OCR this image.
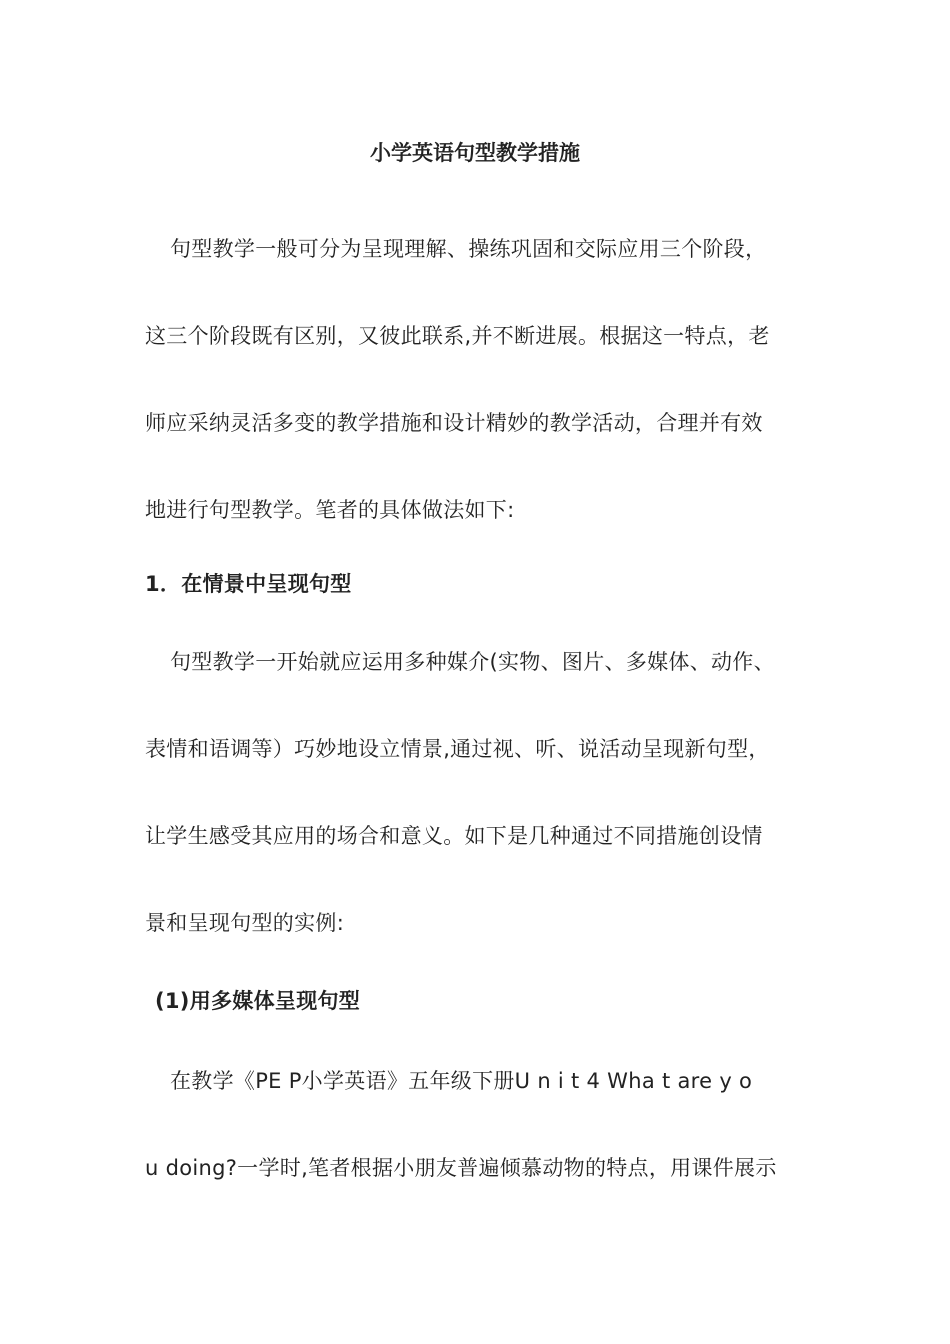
小学英语句型教学措施
句型教学一般可分为呈现理解、操练巩固和交际应用三个阶段，
这三个阶段既有区别，又彼此联系,并不断进展。根据这一特点，老
师应采纳灵活多变的教学措施和设计精妙的教学活动，合理并有效
地进行句型教学。笔者的具体做法如下:
1．在情景中呈现句型
句型教学一开始就应运用多种媒介(实物、图片、多媒体、动作、
表情和语调等）巧妙地设立情景,通过视、听、说活动呈现新句型，
让学生感受其应用的场合和意义。如下是几种通过不同措施创设情
景和呈现句型的实例:
(1)用多媒体呈现句型
在教学《PE P小学英语》五年级下册U n i t 4 Wha t are y o
u doing?一学时,笔者根据小朋友普遍倾慕动物的特点，用课件展示
